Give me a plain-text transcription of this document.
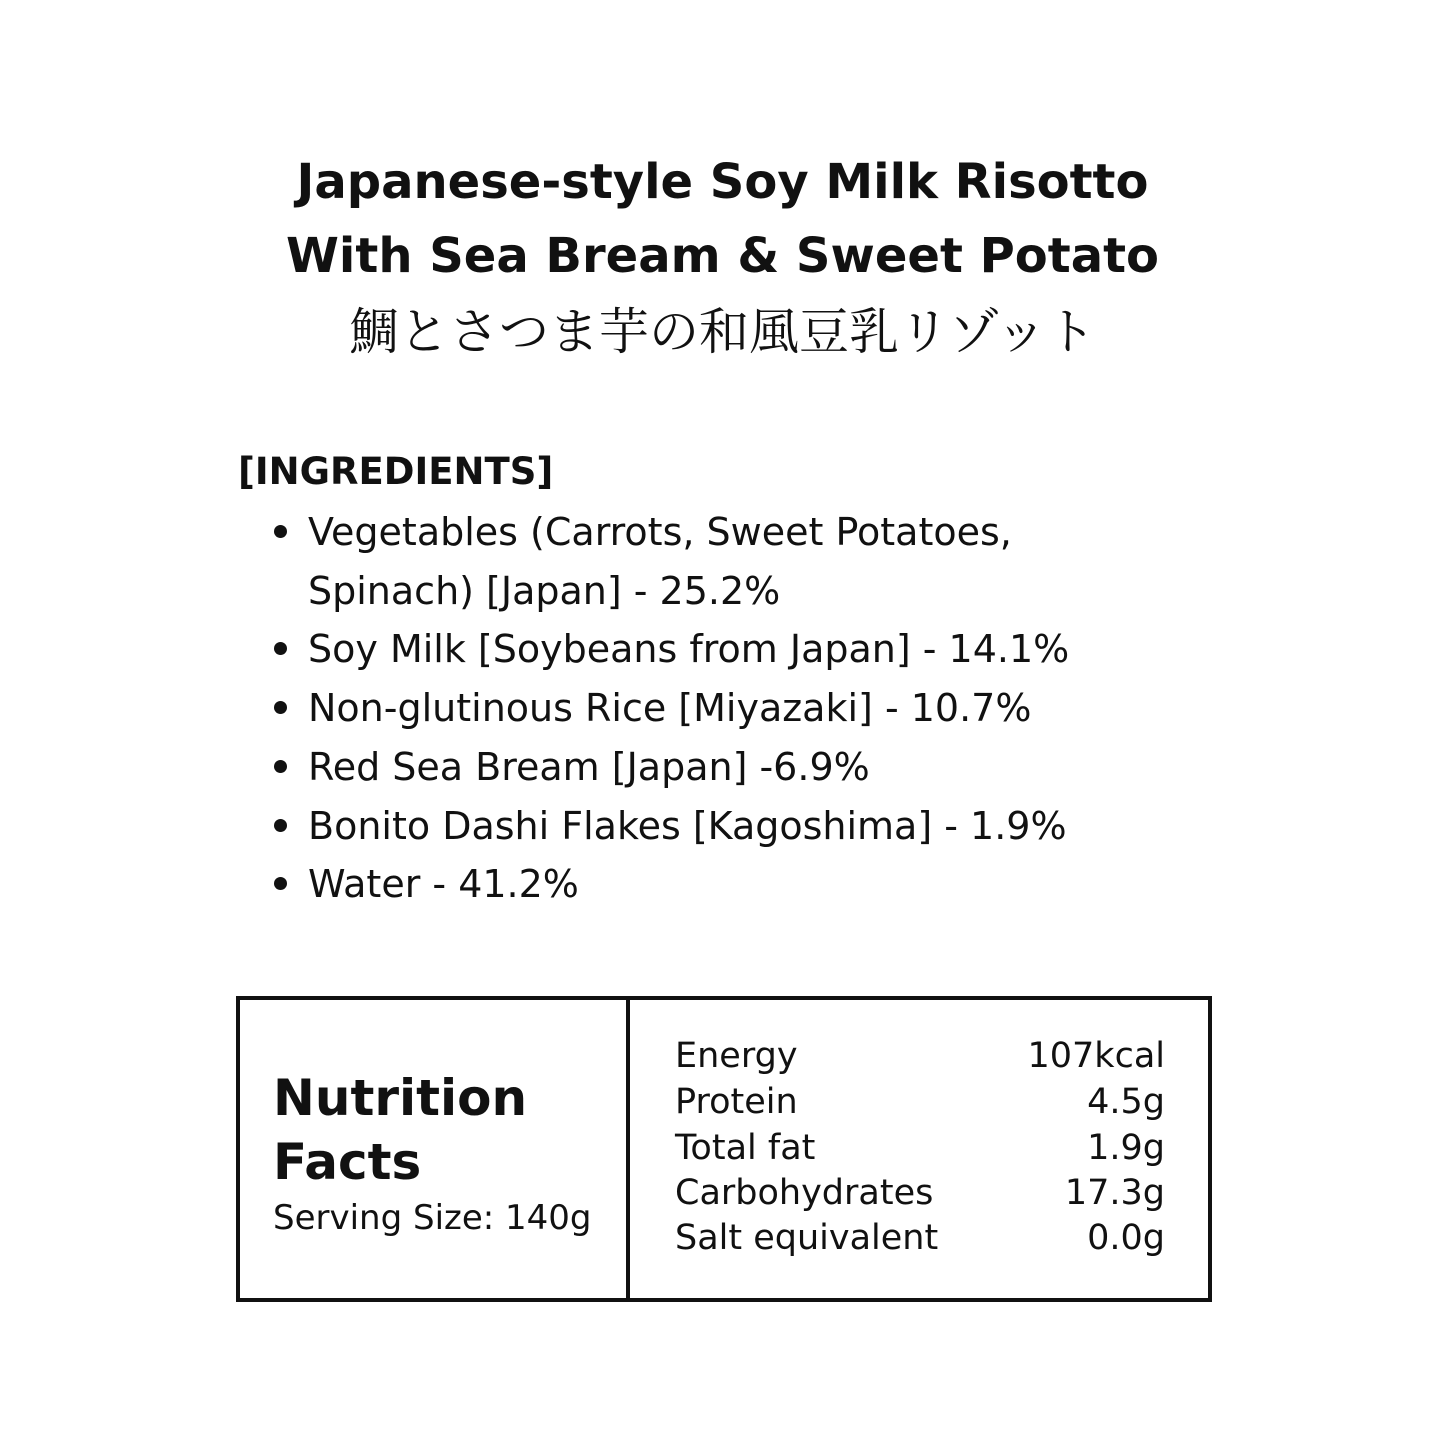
Japanese-style Soy Milk Risotto
With Sea Bream & Sweet Potato
鯛とさつま芋の和風豆乳リゾット
[INGREDIENTS]
Vegetables (Carrots, Sweet Potatoes, Spinach) [Japan] - 25.2%
Soy Milk [Soybeans from Japan] - 14.1%
Non-glutinous Rice [Miyazaki] - 10.7%
Red Sea Bream [Japan] -6.9%
Bonito Dashi Flakes [Kagoshima] - 1.9%
Water - 41.2%
Nutrition
Facts
Serving Size: 140g
Energy	107kcal
Protein	4.5g
Total fat	1.9g
Carbohydrates	17.3g
Salt equivalent	0.0g
